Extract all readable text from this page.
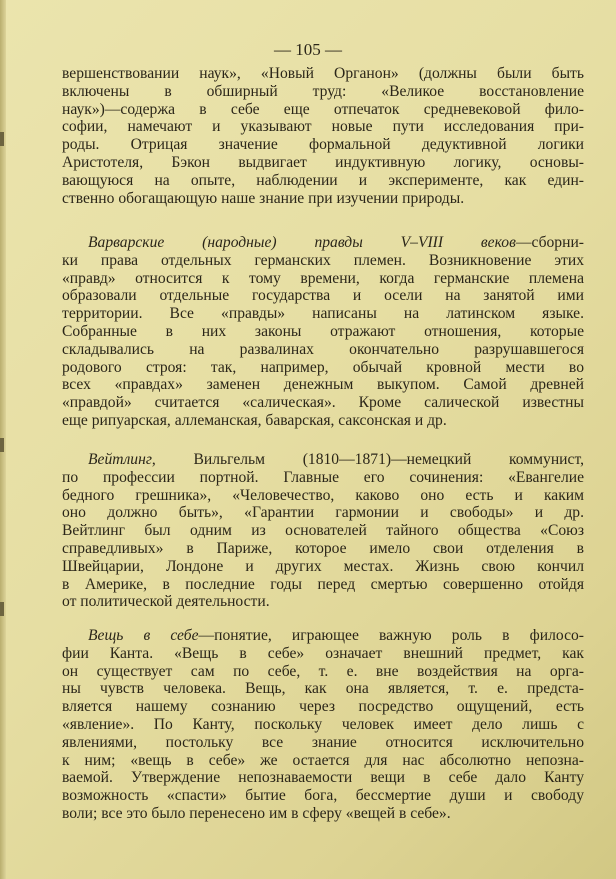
— 105 —
вершенствовании наук», «Новый Органон» (должны были быть
включены в обширный труд: «Великое восстановление
наук»)—содержа в себе еще отпечаток средневековой фило-
софии, намечают и указывают новые пути исследования при-
роды. Отрицая значение формальной дедуктивной логики
Аристотеля, Бэкон выдвигает индуктивную логику, основы-
вающуюся на опыте, наблюдении и эксперименте, как един-
ственно обогащающую наше знание при изучении природы.
Варварские (народные) правды V–VIII веков—сборни-
ки права отдельных германских племен. Возникновение этих
«правд» относится к тому времени, когда германские племена
образовали отдельные государства и осели на занятой ими
территории. Все «правды» написаны на латинском языке.
Собранные в них законы отражают отношения, которые
складывались на развалинах окончательно разрушавшегося
родового строя: так, например, обычай кровной мести во
всех «правдах» заменен денежным выкупом. Самой древней
«правдой» считается «салическая». Кроме салической известны
еще рипуарская, аллеманская, баварская, саксонская и др.
Вейтлинг, Вильгельм (1810—1871)—немецкий коммунист,
по профессии портной. Главные его сочинения: «Евангелие
бедного грешника», «Человечество, каково оно есть и каким
оно должно быть», «Гарантии гармонии и свободы» и др.
Вейтлинг был одним из основателей тайного общества «Союз
справедливых» в Париже, которое имело свои отделения в
Швейцарии, Лондоне и других местах. Жизнь свою кончил
в Америке, в последние годы перед смертью совершенно отойдя
от политической деятельности.
Вещь в себе—понятие, играющее важную роль в филосо-
фии Канта. «Вещь в себе» означает внешний предмет, как
он существует сам по себе, т. е. вне воздействия на орга-
ны чувств человека. Вещь, как она является, т. е. предста-
вляется нашему сознанию через посредство ощущений, есть
«явление». По Канту, поскольку человек имеет дело лишь с
явлениями, постольку все знание относится исключительно
к ним; «вещь в себе» же остается для нас абсолютно непозна-
ваемой. Утверждение непознаваемости вещи в себе дало Канту
возможность «спасти» бытие бога, бессмертие души и свободу
воли; все это было перенесено им в сферу «вещей в себе».
